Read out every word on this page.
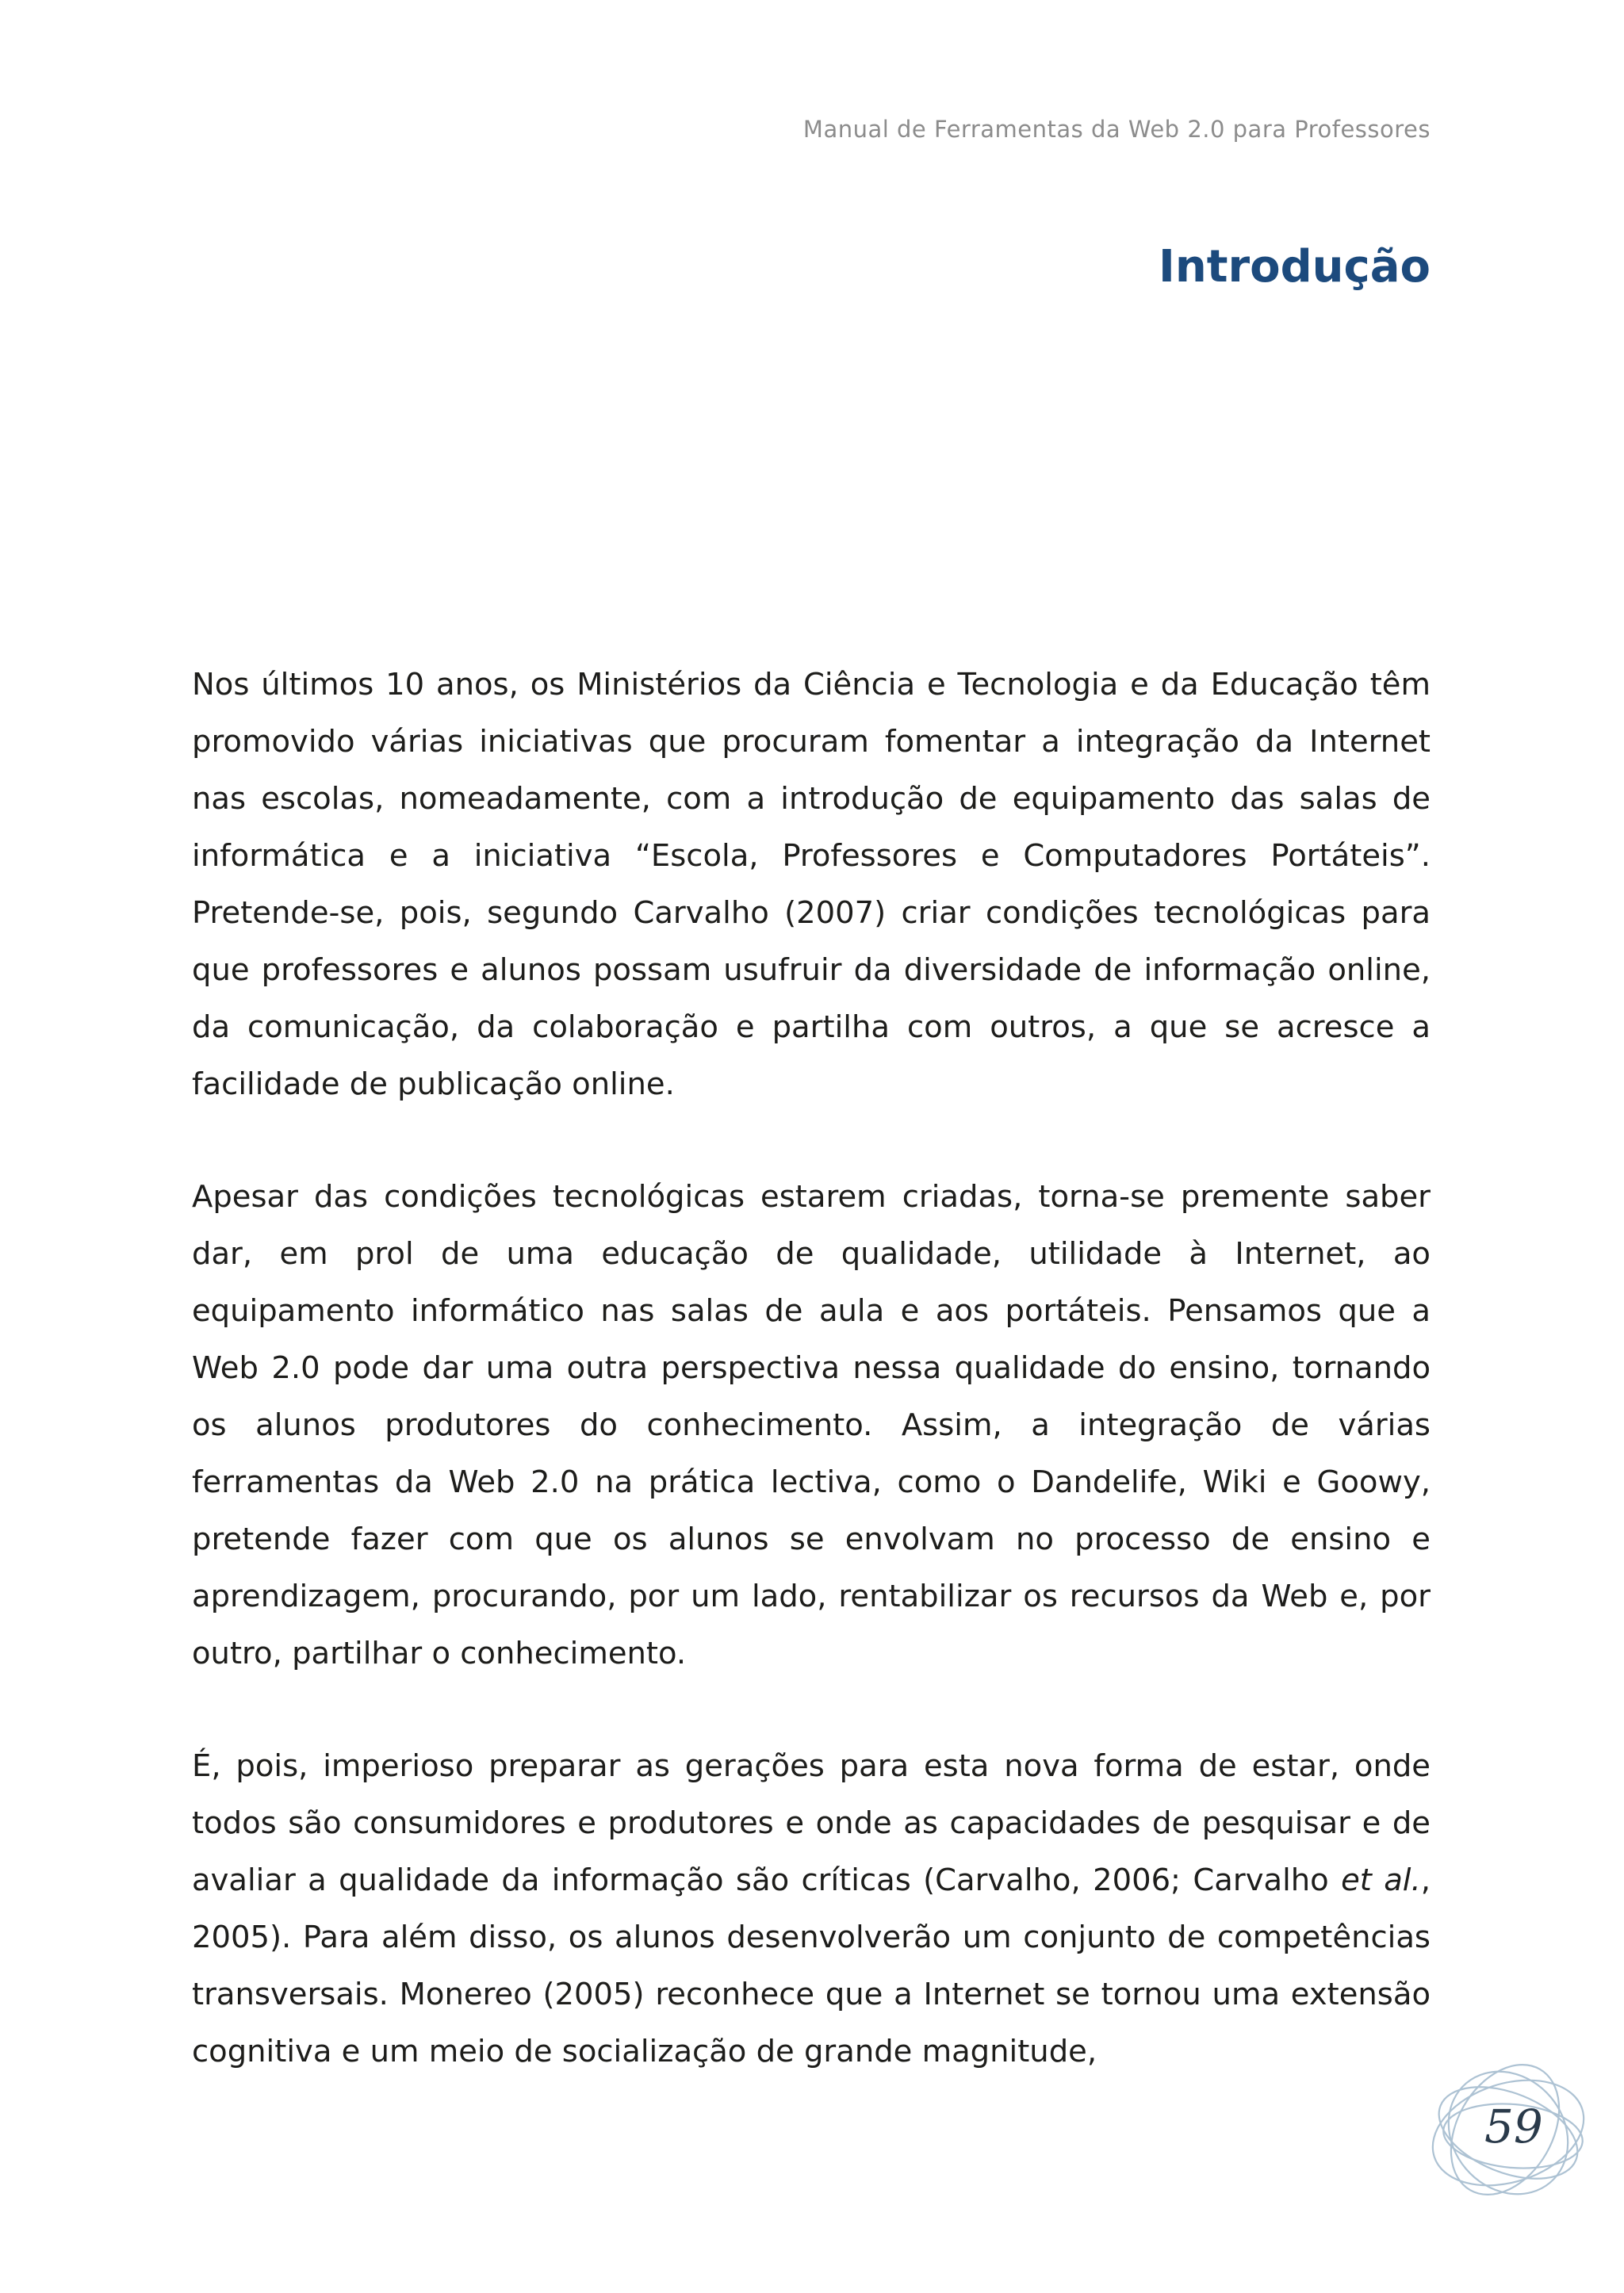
Manual de Ferramentas da Web 2.0 para Professores

Introdução

Nos últimos 10 anos, os Ministérios da Ciência e Tecnologia e da Educação têm promovido várias iniciativas que procuram fomentar a integração da Internet nas escolas, nomeadamente, com a introdução de equipamento das salas de informática e a iniciativa “Escola, Professores e Computadores Portáteis”. Pretende-se, pois, segundo Carvalho (2007) criar condições tecnológicas para que professores e alunos possam usufruir da diversidade de informação online, da comunicação, da colaboração e partilha com outros, a que se acresce a facilidade de publicação online.

Apesar das condições tecnológicas estarem criadas, torna-se premente saber dar, em prol de uma educação de qualidade, utilidade à Internet, ao equipamento informático nas salas de aula e aos portáteis. Pensamos que a Web 2.0 pode dar uma outra perspectiva nessa qualidade do ensino, tornando os alunos produtores do conhecimento. Assim, a integração de várias ferramentas da Web 2.0 na prática lectiva, como o Dandelife, Wiki e Goowy, pretende fazer com que os alunos se envolvam no processo de ensino e aprendizagem, procurando, por um lado, rentabilizar os recursos da Web e, por outro, partilhar o conhecimento.

É, pois, imperioso preparar as gerações para esta nova forma de estar, onde todos são consumidores e produtores e onde as capacidades de pesquisar e de avaliar a qualidade da informação são críticas (Carvalho, 2006; Carvalho et al., 2005). Para além disso, os alunos desenvolverão um conjunto de competências transversais. Monereo (2005) reconhece que a Internet se tornou uma extensão cognitiva e um meio de socialização de grande magnitude,

59
